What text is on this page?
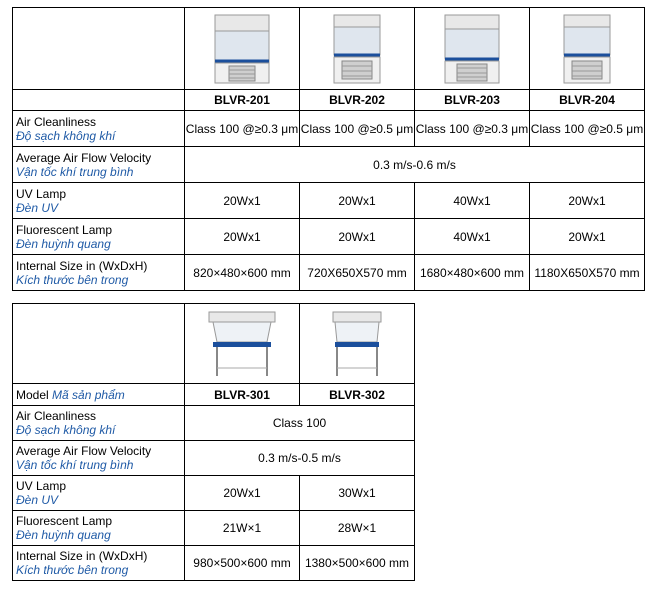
	BLVR-201	BLVR-202	BLVR-203	BLVR-204

Air Cleanliness
Độ sạch không khí	Class 100 @≥0.3 μm	Class 100 @≥0.5 μm	Class 100 @≥0.3 μm	Class 100 @≥0.5 μm

Average Air Flow Velocity
Vận tốc khí trung bình	0.3 m/s-0.6 m/s			

UV Lamp
Đèn UV	20Wx1	20Wx1	40Wx1	20Wx1

Fluorescent Lamp
Đèn huỳnh quang	20Wx1	20Wx1	40Wx1	20Wx1

Internal Size in (WxDxH)
Kích thước bên trong	820×480×600 mm	720X650X570 mm	1680×480×600 mm	1180X650X570 mm

Model Mã sản phẩm	BLVR-301	BLVR-302

Air Cleanliness
Độ sạch không khí	Class 100	

Average Air Flow Velocity
Vận tốc khí trung bình	0.3 m/s-0.5 m/s	

UV Lamp
Đèn UV	20Wx1	30Wx1

Fluorescent Lamp
Đèn huỳnh quang	21W×1	28W×1

Internal Size in (WxDxH)
Kích thước bên trong	980×500×600 mm	1380×500×600 mm
